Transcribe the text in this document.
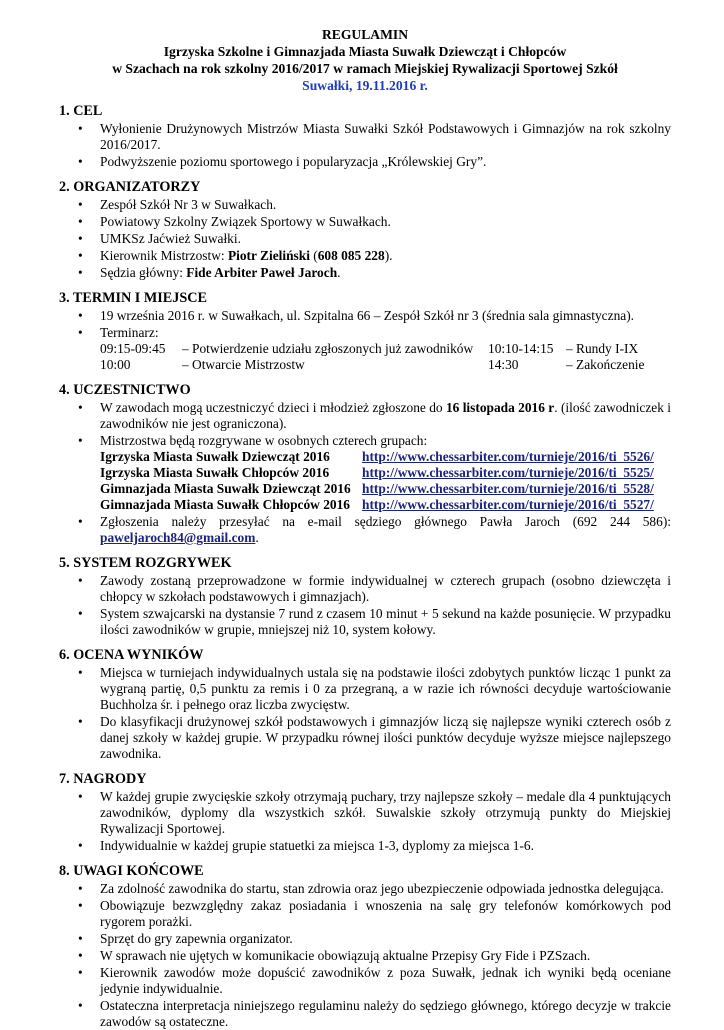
REGULAMIN
Igrzyska Szkolne i Gimnazjada Miasta Suwałk Dziewcząt i Chłopców
w Szachach na rok szkolny 2016/2017 w ramach Miejskiej Rywalizacji Sportowej Szkół
Suwałki, 19.11.2016 r.
1. CEL
• Wyłonienie Drużynowych Mistrzów Miasta Suwałki Szkół Podstawowych i Gimnazjów na rok szkolny 2016/2017.
• Podwyższenie poziomu sportowego i popularyzacja „Królewskiej Gry”.
2. ORGANIZATORZY
• Zespół Szkół Nr 3 w Suwałkach.
• Powiatowy Szkolny Związek Sportowy w Suwałkach.
• UMKSz Jaćwież Suwałki.
• Kierownik Mistrzostw: Piotr Zieliński (608 085 228).
• Sędzia główny: Fide Arbiter Paweł Jaroch.
3. TERMIN I MIEJSCE
• 19 września 2016 r. w Suwałkach, ul. Szpitalna 66 – Zespół Szkół nr 3 (średnia sala gimnastyczna).
• Terminarz:
09:15-09:45	– Potwierdzenie udziału zgłoszonych już zawodników	10:10-14:15 – Rundy I-IX
10:00	– Otwarcie Mistrzostw	14:30	– Zakończenie
4. UCZESTNICTWO
• W zawodach mogą uczestniczyć dzieci i młodzież zgłoszone do 16 listopada 2016 r. (ilość zawodniczek i zawodników nie jest ograniczona).
• Mistrzostwa będą rozgrywane w osobnych czterech grupach:
Igrzyska Miasta Suwałk Dziewcząt 2016	http://www.chessarbiter.com/turnieje/2016/ti_5526/
Igrzyska Miasta Suwałk Chłopców 2016	http://www.chessarbiter.com/turnieje/2016/ti_5525/
Gimnazjada Miasta Suwałk Dziewcząt 2016 http://www.chessarbiter.com/turnieje/2016/ti_5528/
Gimnazjada Miasta Suwałk Chłopców 2016 http://www.chessarbiter.com/turnieje/2016/ti_5527/
• Zgłoszenia należy przesyłać na e-mail sędziego głównego Pawła Jaroch (692 244 586): paweljaroch84@gmail.com.
5. SYSTEM ROZGRYWEK
• Zawody zostaną przeprowadzone w formie indywidualnej w czterech grupach (osobno dziewczęta i chłopcy w szkołach podstawowych i gimnazjach).
• System szwajcarski na dystansie 7 rund z czasem 10 minut + 5 sekund na każde posunięcie. W przypadku ilości zawodników w grupie, mniejszej niż 10, system kołowy.
6. OCENA WYNIKÓW
• Miejsca w turniejach indywidualnych ustala się na podstawie ilości zdobytych punktów licząc 1 punkt za wygraną partię, 0,5 punktu za remis i 0 za przegraną, a w razie ich równości decyduje wartościowanie Buchholza śr. i pełnego oraz liczba zwycięstw.
• Do klasyfikacji drużynowej szkół podstawowych i gimnazjów liczą się najlepsze wyniki czterech osób z danej szkoły w każdej grupie. W przypadku równej ilości punktów decyduje wyższe miejsce najlepszego zawodnika.
7. NAGRODY
• W każdej grupie zwycięskie szkoły otrzymają puchary, trzy najlepsze szkoły – medale dla 4 punktujących zawodników, dyplomy dla wszystkich szkół. Suwalskie szkoły otrzymują punkty do Miejskiej Rywalizacji Sportowej.
• Indywidualnie w każdej grupie statuetki za miejsca 1-3, dyplomy za miejsca 1-6.
8. UWAGI KOŃCOWE
• Za zdolność zawodnika do startu, stan zdrowia oraz jego ubezpieczenie odpowiada jednostka delegująca.
• Obowiązuje bezwzględny zakaz posiadania i wnoszenia na salę gry telefonów komórkowych pod rygorem porażki.
• Sprzęt do gry zapewnia organizator.
• W sprawach nie ujętych w komunikacie obowiązują aktualne Przepisy Gry Fide i PZSzach.
• Kierownik zawodów może dopuścić zawodników z poza Suwałk, jednak ich wyniki będą oceniane jedynie indywidualnie.
• Ostateczna interpretacja niniejszego regulaminu należy do sędziego głównego, którego decyzje w trakcie zawodów są ostateczne.
